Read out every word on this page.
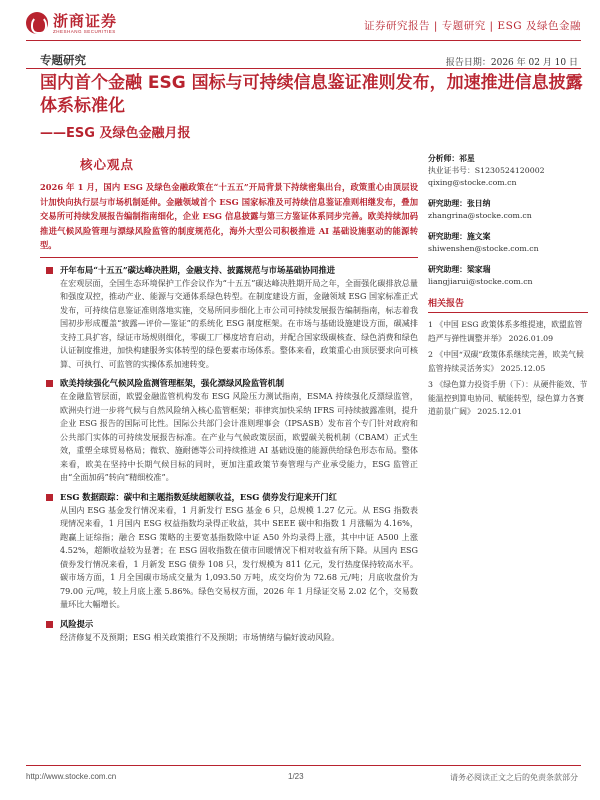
浙商证券
ZHESHANG SECURITIES	证券研究报告 | 专题研究 | ESG 及绿色金融
专题研究	报告日期：2026 年 02 月 10 日
国内首个金融 ESG 国标与可持续信息鉴证准则发布，加速推进信息披露体系标准化
——ESG 及绿色金融月报
核心观点

2026 年 1 月，国内 ESG 及绿色金融政策在“十五五”开局背景下持续密集出台，政策重心由顶层设计加快向执行层与市场机制延伸。金融领域首个 ESG 国家标准及可持续信息鉴证准则相继发布，叠加交易所可持续发展报告编制指南细化，企业 ESG 信息披露与第三方鉴证体系同步完善。欧美持续加码推进气候风险管理与漂绿风险监管的制度规范化，海外大型公司积极推进 AI 基础设施驱动的能源转型。

开年布局“十五五”碳达峰决胜期，金融支持、披露规范与市场基础协同推进

在宏观层面，全国生态环境保护工作会议作为“十五五”碳达峰决胜期开局之年，全面强化碳排放总量和强度双控，推动产业、能源与交通体系绿色转型。在制度建设方面，金融领域 ESG 国家标准正式发布，可持续信息鉴证准则落地实施，交易所同步细化上市公司可持续发展报告编制指南，标志着我国初步形成覆盖“披露—评价—鉴证”的系统化 ESG 制度框架。在市场与基础设施建设方面，碳减排支持工具扩容，绿证市场规则细化，零碳工厂梯度培育启动，并配合国家级碳核查、绿色消费和绿色认证制度推进，加快构建服务实体转型的绿色要素市场体系。整体来看，政策重心由顶层要求向可核算、可执行、可监管的实操体系加速转变。

欧美持续强化气候风险监测管理框架，强化漂绿风险监管机制

在金融监管层面，欧盟金融监管机构发布 ESG 风险压力测试指南，ESMA 持续强化反漂绿监管，欧洲央行进一步将气候与自然风险纳入核心监管框架；菲律宾加快采纳 IFRS 可持续披露准则，提升企业 ESG 报告的国际可比性。国际公共部门会计准则理事会（IPSASB）发布首个专门针对政府和公共部门实体的可持续发展报告标准。在产业与气候政策层面，欧盟碳关税机制（CBAM）正式生效，重塑全球贸易格局；微软、施耐德等公司持续推进 AI 基础设施的能源供给绿色形态布局。整体来看，欧美在坚持中长期气候目标的同时，更加注重政策节奏管理与产业承受能力，ESG 监管正由“全面加码”转向“精细校准”。

ESG 数据跟踪：碳中和主题指数延续超额收益，ESG 债券发行迎来开门红

从国内 ESG 基金发行情况来看，1 月新发行 ESG 基金 6 只，总规模 1.27 亿元。从 ESG 指数表现情况来看，1 月国内 ESG 权益指数均录得正收益，其中 SEEE 碳中和指数 1 月涨幅为 4.16%，跑赢上证综指；融合 ESG 策略的主要宽基指数除中证 A50 外均录得上涨，其中中证 A500 上涨 4.52%，超额收益较为显著；在 ESG 固收指数在债市回暖情况下相对收益有所下降。从国内 ESG 债券发行情况来看，1 月新发 ESG 债券 108 只，发行规模为 811 亿元，发行热度保持较高水平。碳市场方面，1 月全国碳市场成交量为 1,093.50 万吨，成交均价为 72.68 元/吨；月底收盘价为 79.00 元/吨，较上月底上涨 5.86%。绿色交易权方面，2026 年 1 月绿证交易 2.02 亿个，交易数量环比大幅增长。

风险提示

经济修复不及预期；ESG 相关政策推行不及预期；市场情绪与偏好波动风险。

分析师：祁星
执业证书号：S1230524120002
qixing@stocke.com.cn
研究助理：张日纳
zhangrina@stocke.com.cn
研究助理：施文案
shiwenshen@stocke.com.cn
研究助理：梁家瑞
liangjiarui@stocke.com.cn
相关报告
1 《中国 ESG 政策体系多维提速，欧盟监管趋严与弹性调整并举》 2026.01.09
2 《中国“双碳”政策体系继续完善，欧美气候监管持续灵活务实》 2025.12.05
3 《绿色算力投资手册（下）：从硬件能效、节能温控到算电协同、赋能转型，绿色算力各赛道前景广阔》 2025.12.01
http://www.stocke.com.cn	1/23	请务必阅读正文之后的免责条款部分
